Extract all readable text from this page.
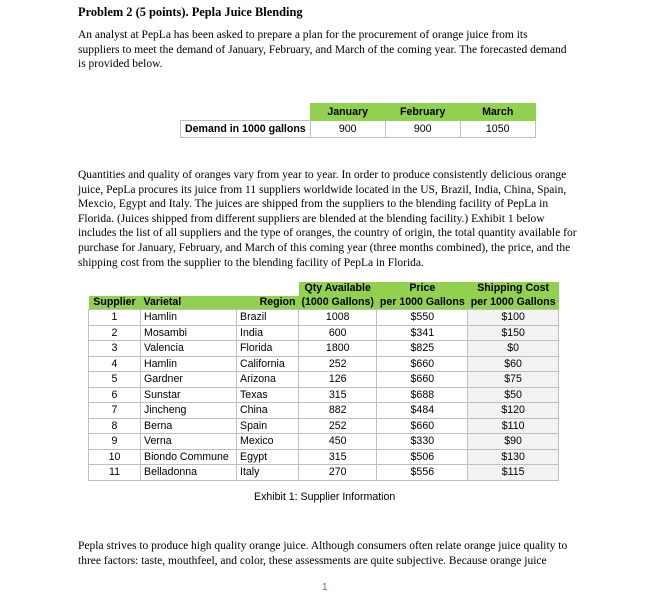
Problem 2 (5 points). Pepla Juice Blending

An analyst at PepLa has been asked to prepare a plan for the procurement of orange juice from its suppliers to meet the demand of January, February, and March of the coming year. The forecasted demand is provided below.

	January	February	March
Demand in 1000 gallons	900	900	1050

Quantities and quality of oranges vary from year to year. In order to produce consistently delicious orange juice, PepLa procures its juice from 11 suppliers worldwide located in the US, Brazil, India, China, Spain, Mexcio, Egypt and Italy. The juices are shipped from the suppliers to the blending facility of PepLa in Florida. (Juices shipped from different suppliers are blended at the blending facility.) Exhibit 1 below includes the list of all suppliers and the type of oranges, the country of origin, the total quantity available for purchase for January, February, and March of this coming year (three months combined), the price, and the shipping cost from the supplier to the blending facility of PepLa in Florida.

			Qty Available	Price	Shipping Cost
Supplier	Varietal	Region	(1000 Gallons)	per 1000 Gallons	per 1000 Gallons
1	Hamlin	Brazil	1008	$550	$100
2	Mosambi	India	600	$341	$150
3	Valencia	Florida	1800	$825	$0
4	Hamlin	California	252	$660	$60
5	Gardner	Arizona	126	$660	$75
6	Sunstar	Texas	315	$688	$50
7	Jincheng	China	882	$484	$120
8	Berna	Spain	252	$660	$110
9	Verna	Mexico	450	$330	$90
10	Biondo Commune	Egypt	315	$506	$130
11	Belladonna	Italy	270	$556	$115
Exhibit 1: Supplier Information

Pepla strives to produce high quality orange juice. Although consumers often relate orange juice quality to three factors: taste, mouthfeel, and color, these assessments are quite subjective. Because orange juice

1
